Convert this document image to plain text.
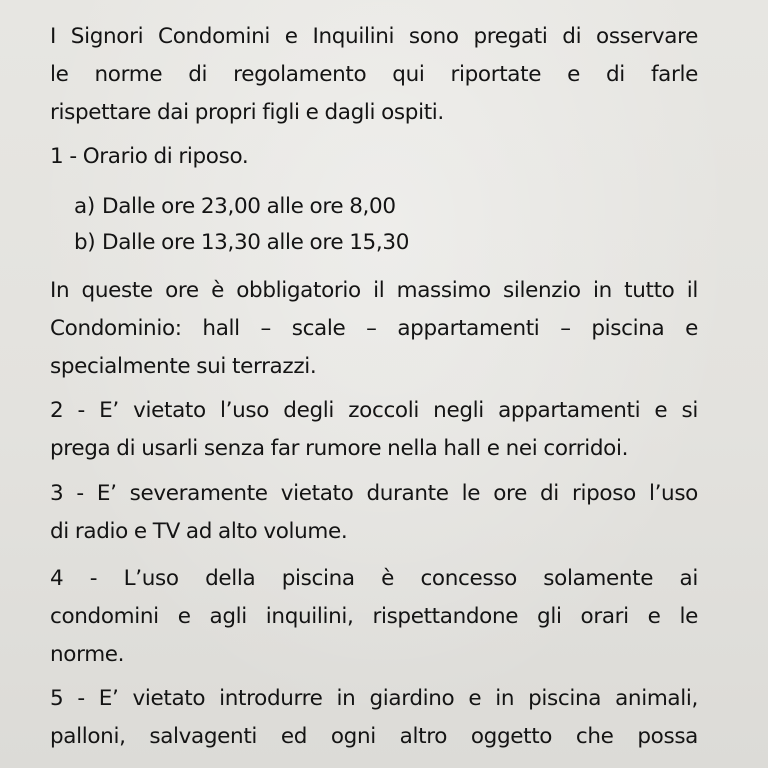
I Signori Condomini e Inquilini sono pregati di osservare
le norme di regolamento qui riportate e di farle
rispettare dai propri figli e dagli ospiti.
1 - Orario di riposo.
a) Dalle ore 23,00 alle ore 8,00
b) Dalle ore 13,30 alle ore 15,30
In queste ore è obbligatorio il massimo silenzio in tutto il
Condominio: hall – scale – appartamenti – piscina e
specialmente sui terrazzi.
2 - E’ vietato l’uso degli zoccoli negli appartamenti e si
prega di usarli senza far rumore nella hall e nei corridoi.
3 - E’ severamente vietato durante le ore di riposo l’uso
di radio e TV ad alto volume.
4 - L’uso della piscina è concesso solamente ai
condomini e agli inquilini, rispettandone gli orari e le
norme.
5 - E’ vietato introdurre in giardino e in piscina animali,
palloni, salvagenti ed ogni altro oggetto che possa
